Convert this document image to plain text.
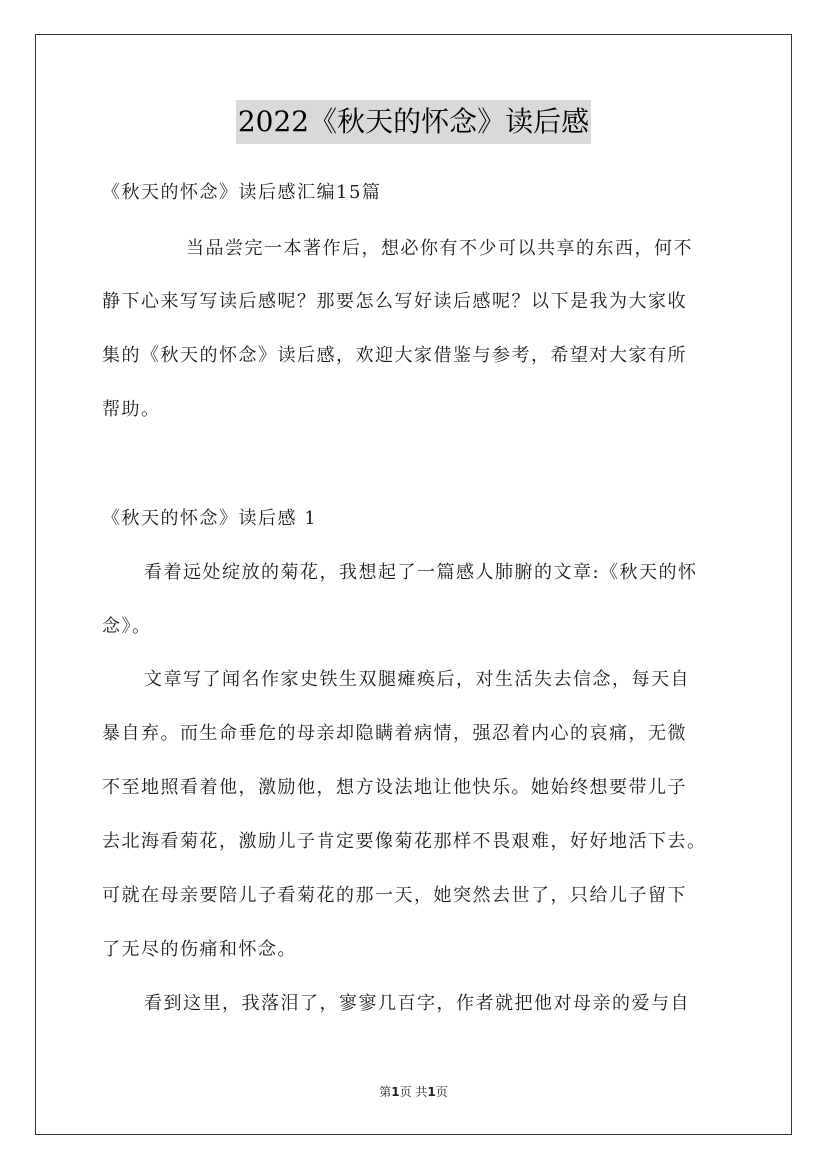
2022《秋天的怀念》读后感
《秋天的怀念》读后感汇编15篇
当品尝完一本著作后，想必你有不少可以共享的东西，何不
静下心来写写读后感呢？那要怎么写好读后感呢？以下是我为大家收
集的《秋天的怀念》读后感，欢迎大家借鉴与参考，希望对大家有所
帮助。
《秋天的怀念》读后感 1
看着远处绽放的菊花，我想起了一篇感人肺腑的文章:《秋天的怀
念》。
文章写了闻名作家史铁生双腿瘫痪后，对生活失去信念，每天自
暴自弃。而生命垂危的母亲却隐瞒着病情，强忍着内心的哀痛，无微
不至地照看着他，激励他，想方设法地让他快乐。她始终想要带儿子
去北海看菊花，激励儿子肯定要像菊花那样不畏艰难，好好地活下去。
可就在母亲要陪儿子看菊花的那一天，她突然去世了，只给儿子留下
了无尽的伤痛和怀念。
看到这里，我落泪了，寥寥几百字，作者就把他对母亲的爱与自
第1页 共1页
